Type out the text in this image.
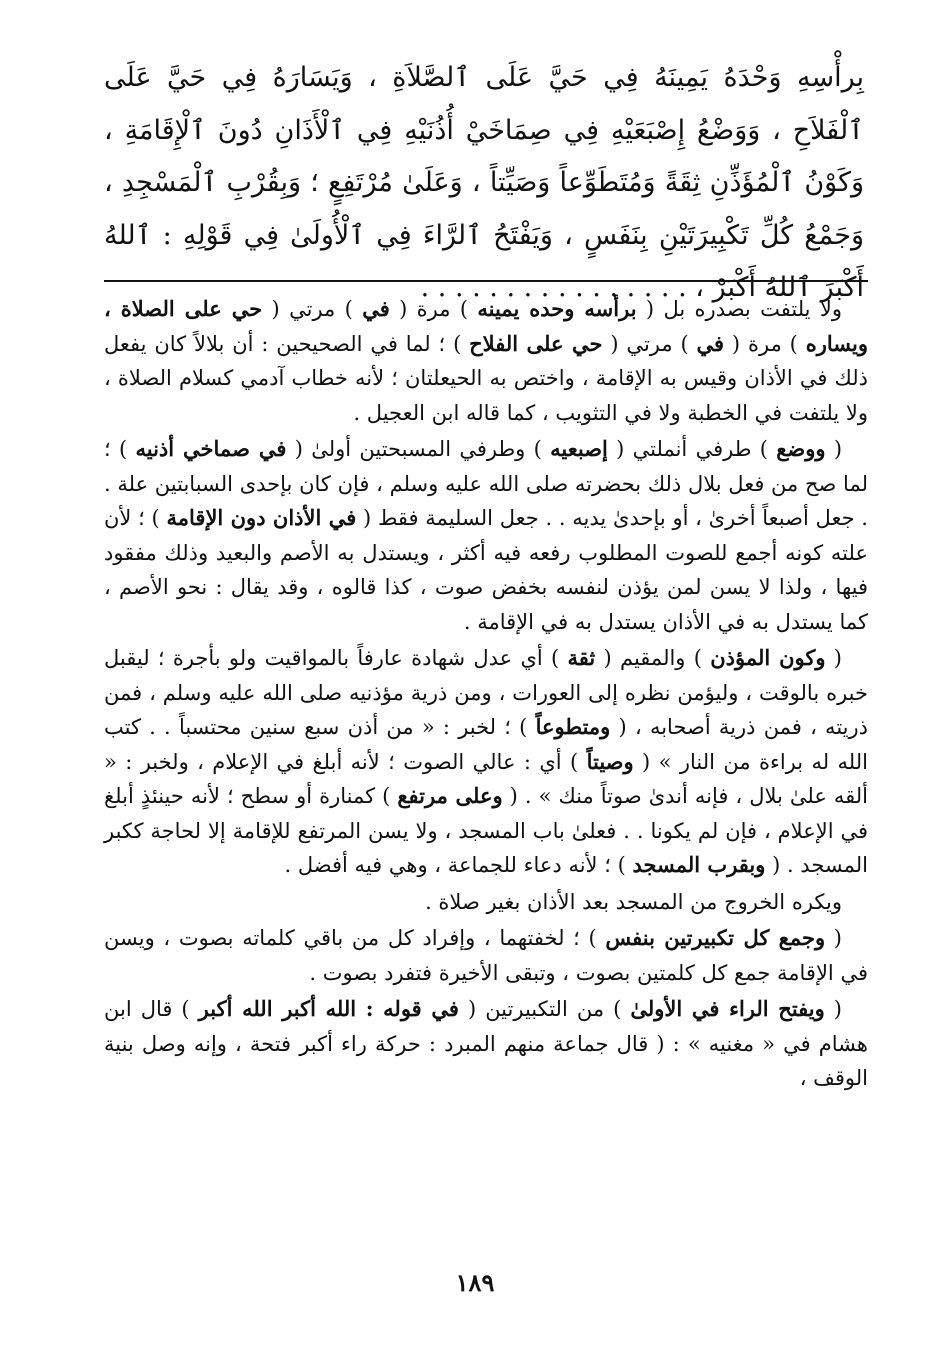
بِرأْسِهِ وَحْدَهُ يَمِينَهُ فِي حَيَّ عَلَى ٱلصَّلاَةِ ، وَيَسَارَهُ فِي حَيَّ عَلَى ٱلْفَلاَحِ ، وَوَضْعُ إِصْبَعَيْهِ فِي صِمَاخَيْ أُذُنَيْهِ فِي ٱلْأَذَانِ دُونَ ٱلْإِقَامَةِ ، وَكَوْنُ ٱلْمُؤَذِّنِ ثِقَةً وَمُتَطَوِّعاً وَصَيِّتاً ، وَعَلَىٰ مُرْتَفِعٍ ؛ وَبِقُرْبِ ٱلْمَسْجِدِ ، وَجَمْعُ كُلِّ تَكْبِيرَتَيْنِ بِنَفَسٍ ، وَيَفْتَحُ ٱلرَّاءَ فِي ٱلْأُولَىٰ فِي قَوْلِهِ : ٱللهُ أَكْبَرَ ٱللهُ أَكْبَرْ ، . . . . . . . . . . . . . . . .

ولا يلتفت بصدره بل ( برأسه وحده يمينه ) مرة ( في ) مرتي ( حي على الصلاة ، ويساره ) مرة ( في ) مرتي ( حي على الفلاح ) ؛ لما في الصحيحين : أن بلالاً كان يفعل ذلك في الأذان وقيس به الإقامة ، واختص به الحيعلتان ؛ لأنه خطاب آدمي كسلام الصلاة ، ولا يلتفت في الخطبة ولا في التثويب ، كما قاله ابن العجيل .

( ووضع ) طرفي أنملتي ( إصبعيه ) وطرفي المسبحتين أولىٰ ( في صماخي أذنيه ) ؛ لما صح من فعل بلال ذلك بحضرته صلى الله عليه وسلم ، فإن كان بإحدى السبابتين علة . . جعل أصبعاً أخرىٰ ، أو بإحدىٰ يديه . . جعل السليمة فقط ( في الأذان دون الإقامة ) ؛ لأن علته كونه أجمع للصوت المطلوب رفعه فيه أكثر ، ويستدل به الأصم والبعيد وذلك مفقود فيها ، ولذا لا يسن لمن يؤذن لنفسه بخفض صوت ، كذا قالوه ، وقد يقال : نحو الأصم ، كما يستدل به في الأذان يستدل به في الإقامة .

( وكون المؤذن ) والمقيم ( ثقة ) أي عدل شهادة عارفاً بالمواقيت ولو بأجرة ؛ ليقبل خبره بالوقت ، وليؤمن نظره إلى العورات ، ومن ذرية مؤذنيه صلى الله عليه وسلم ، فمن ذريته ، فمن ذرية أصحابه ، ( ومتطوعاً ) ؛ لخبر : « من أذن سبع سنين محتسباً . . كتب الله له براءة من النار » ( وصيتاً ) أي : عالي الصوت ؛ لأنه أبلغ في الإعلام ، ولخبر : « ألقه علىٰ بلال ، فإنه أندىٰ صوتاً منك » . ( وعلى مرتفع ) كمنارة أو سطح ؛ لأنه حينئذٍ أبلغ في الإعلام ، فإن لم يكونا . . فعلىٰ باب المسجد ، ولا يسن المرتفع للإقامة إلا لحاجة ككبر المسجد . ( وبقرب المسجد ) ؛ لأنه دعاء للجماعة ، وهي فيه أفضل .

ويكره الخروج من المسجد بعد الأذان بغير صلاة .

( وجمع كل تكبيرتين بنفس ) ؛ لخفتهما ، وإفراد كل من باقي كلماته بصوت ، ويسن في الإقامة جمع كل كلمتين بصوت ، وتبقى الأخيرة فتفرد بصوت .

( ويفتح الراء في الأولىٰ ) من التكبيرتين ( في قوله : الله أكبر الله أكبر ) قال ابن هشام في « مغنيه » : ( قال جماعة منهم المبرد : حركة راء أكبر فتحة ، وإنه وصل بنية الوقف ،

١٨٩
